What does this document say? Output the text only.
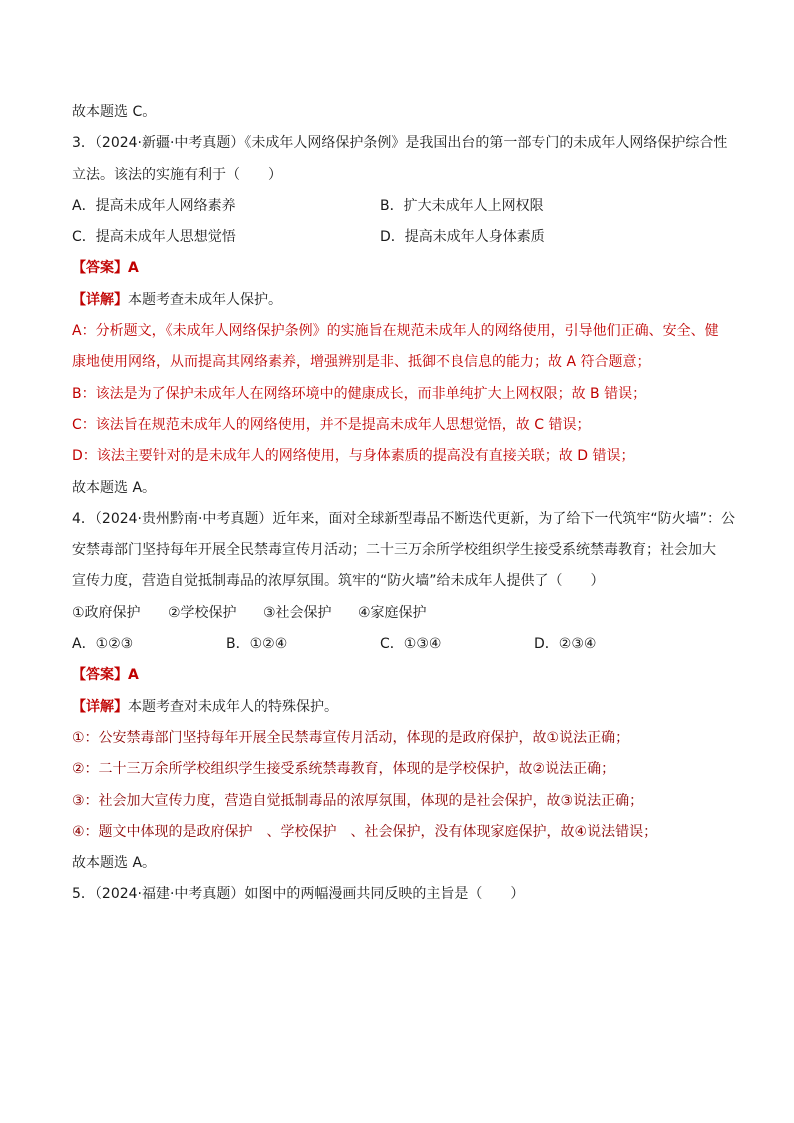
故本题选 C。
3．（2024·新疆·中考真题）《未成年人网络保护条例》是我国出台的第一部专门的未成年人网络保护综合性
立法。该法的实施有利于（　　）
A．提高未成年人网络素养	B．扩大未成年人上网权限
C．提高未成年人思想觉悟	D．提高未成年人身体素质
【答案】A
【详解】本题考查未成年人保护。
A：分析题文，《未成年人网络保护条例》的实施旨在规范未成年人的网络使用，引导他们正确、安全、健
康地使用网络，从而提高其网络素养，增强辨别是非、抵御不良信息的能力；故 A 符合题意；
B：该法是为了保护未成年人在网络环境中的健康成长，而非单纯扩大上网权限；故 B 错误；
C：该法旨在规范未成年人的网络使用，并不是提高未成年人思想觉悟，故 C 错误；
D：该法主要针对的是未成年人的网络使用，与身体素质的提高没有直接关联；故 D 错误；
故本题选 A。
4．（2024·贵州黔南·中考真题）近年来，面对全球新型毒品不断迭代更新，为了给下一代筑牢“防火墙”：公
安禁毒部门坚持每年开展全民禁毒宣传月活动；二十三万余所学校组织学生接受系统禁毒教育；社会加大
宣传力度，营造自觉抵制毒品的浓厚氛围。筑牢的“防火墙”给未成年人提供了（　　）
①政府保护 ②学校保护 ③社会保护 ④家庭保护
A．①②③	B．①②④	C．①③④	D．②③④
【答案】A
【详解】本题考查对未成年人的特殊保护。
①：公安禁毒部门坚持每年开展全民禁毒宣传月活动，体现的是政府保护，故①说法正确；
②：二十三万余所学校组织学生接受系统禁毒教育，体现的是学校保护，故②说法正确；
③：社会加大宣传力度，营造自觉抵制毒品的浓厚氛围，体现的是社会保护，故③说法正确；
④：题文中体现的是政府保护　、学校保护　、社会保护，没有体现家庭保护，故④说法错误；
故本题选 A。
5．（2024·福建·中考真题）如图中的两幅漫画共同反映的主旨是（　　）
